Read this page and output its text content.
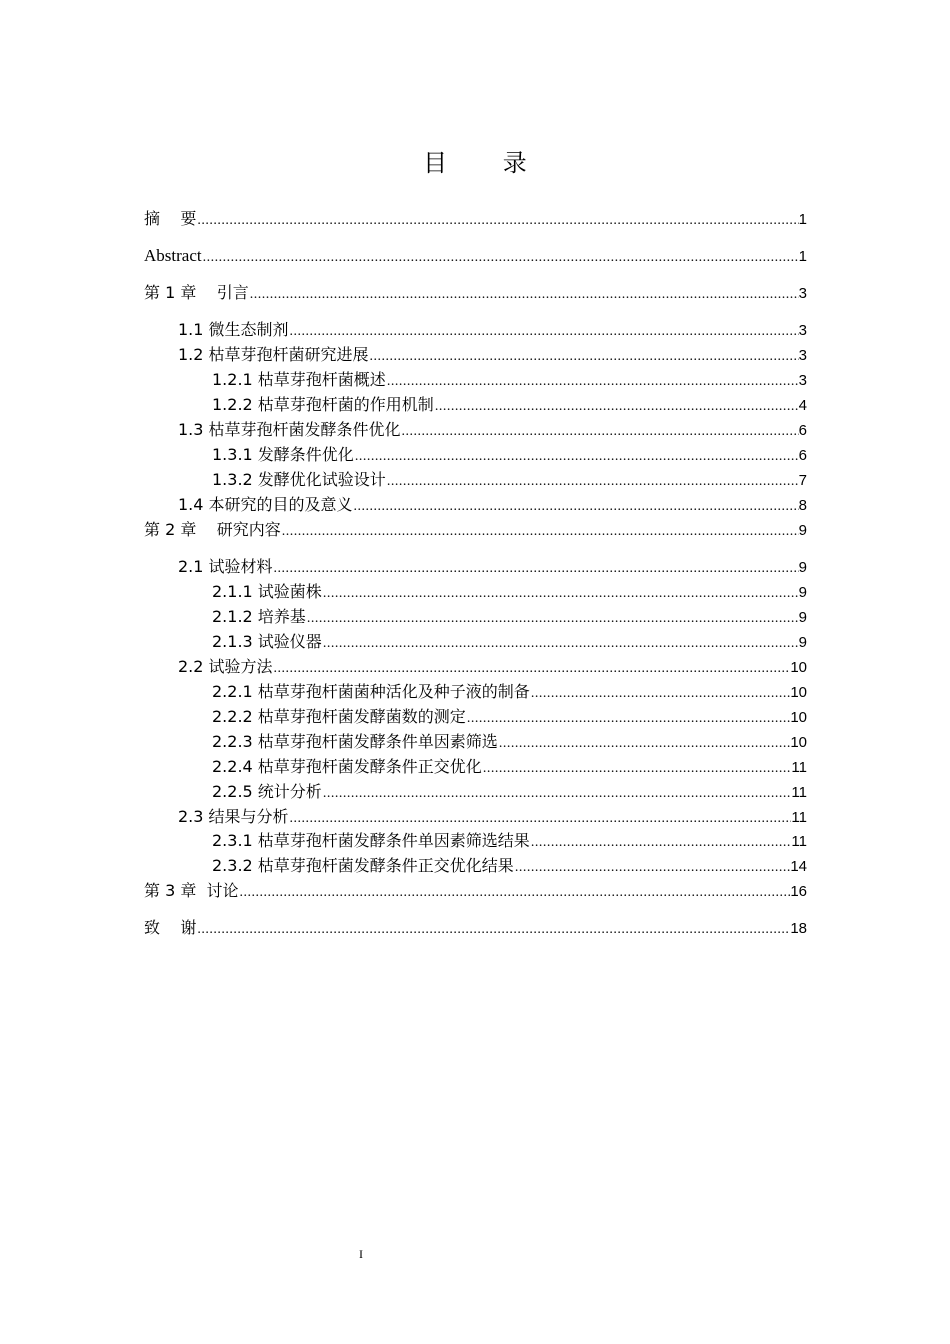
目 录
摘    要 .....	1
Abstract .....	1
第 1 章    引言 .....	3
1.1 微生态制剂 .....	3
1.2 枯草芽孢杆菌研究进展 .....	3
1.2.1 枯草芽孢杆菌概述 .....	3
1.2.2 枯草芽孢杆菌的作用机制 .....	4
1.3 枯草芽孢杆菌发酵条件优化 .....	6
1.3.1 发酵条件优化 .....	6
1.3.2 发酵优化试验设计 .....	7
1.4 本研究的目的及意义 .....	8
第 2 章    研究内容 .....	9
2.1 试验材料 .....	9
2.1.1 试验菌株 .....	9
2.1.2 培养基 .....	9
2.1.3 试验仪器 .....	9
2.2 试验方法 .....	10
2.2.1 枯草芽孢杆菌菌种活化及种子液的制备 .....	10
2.2.2 枯草芽孢杆菌发酵菌数的测定 .....	10
2.2.3 枯草芽孢杆菌发酵条件单因素筛选 .....	10
2.2.4 枯草芽孢杆菌发酵条件正交优化 .....	11
2.2.5 统计分析 .....	11
2.3 结果与分析 .....	11
2.3.1 枯草芽孢杆菌发酵条件单因素筛选结果 .....	11
2.3.2 枯草芽孢杆菌发酵条件正交优化结果 .....	14
第 3 章  讨论 .....	16
致    谢 .....	18
I
